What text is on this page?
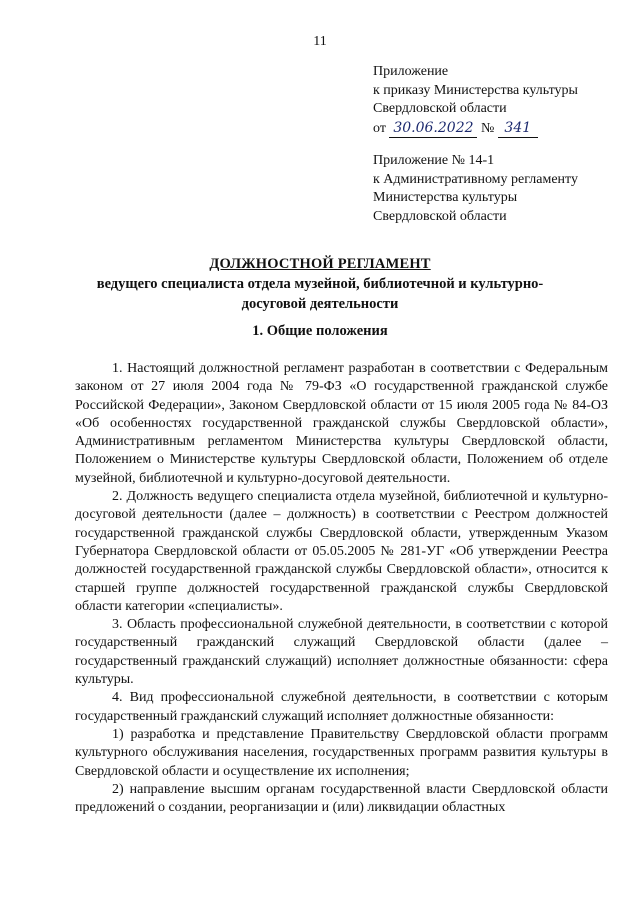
11
Приложение
к приказу Министерства культуры
Свердловской области
от 30.06.2022 № 341
Приложение № 14-1
к Административному регламенту
Министерства культуры
Свердловской области
ДОЛЖНОСТНОЙ РЕГЛАМЕНТ
ведущего специалиста отдела музейной, библиотечной и культурно-
досуговой деятельности
1. Общие положения

1. Настоящий должностной регламент разработан в соответствии с Федеральным законом от 27 июля 2004 года № 79-ФЗ «О государственной гражданской службе Российской Федерации», Законом Свердловской области от 15 июля 2005 года № 84-ОЗ «Об особенностях государственной гражданской службы Свердловской области», Административным регламентом Министерства культуры Свердловской области, Положением о Министерстве культуры Свердловской области, Положением об отделе музейной, библиотечной и культурно-досуговой деятельности.

2. Должность ведущего специалиста отдела музейной, библиотечной и культурно-досуговой деятельности (далее – должность) в соответствии с Реестром должностей государственной гражданской службы Свердловской области, утвержденным Указом Губернатора Свердловской области от 05.05.2005 № 281-УГ «Об утверждении Реестра должностей государственной гражданской службы Свердловской области», относится к старшей группе должностей государственной гражданской службы Свердловской области категории «специалисты».

3. Область профессиональной служебной деятельности, в соответствии с которой государственный гражданский служащий Свердловской области (далее – государственный гражданский служащий) исполняет должностные обязанности: сфера культуры.

4. Вид профессиональной служебной деятельности, в соответствии с которым государственный гражданский служащий исполняет должностные обязанности:

1) разработка и представление Правительству Свердловской области программ культурного обслуживания населения, государственных программ развития культуры в Свердловской области и осуществление их исполнения;

2) направление высшим органам государственной власти Свердловской области предложений о создании, реорганизации и (или) ликвидации областных
